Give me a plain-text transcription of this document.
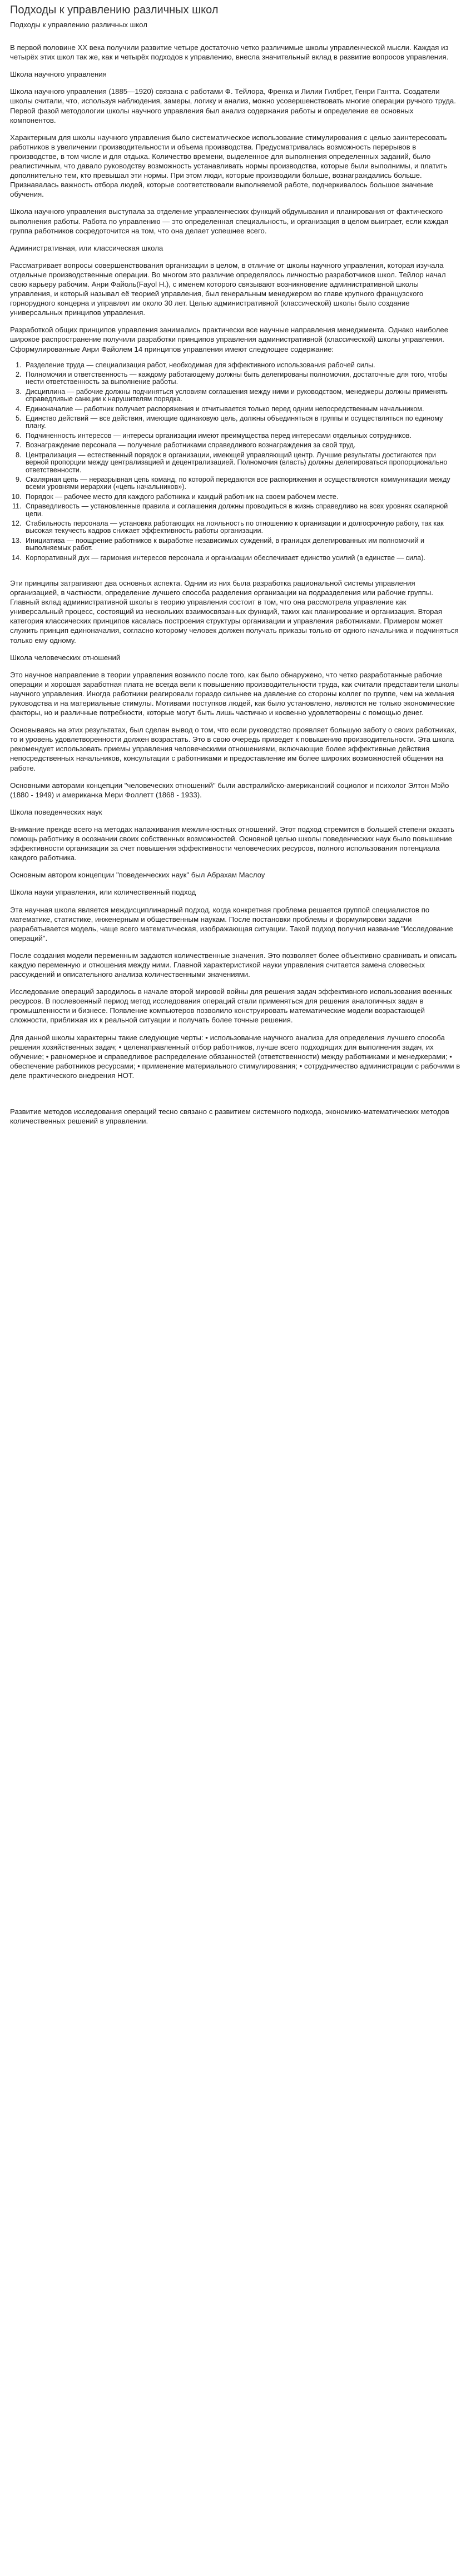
Подходы к управлению различных школ
Подходы к управлению различных школ

В первой половине XX века получили развитие четыре достаточно четко различимые школы управленческой мысли. Каждая из четырёх этих школ так же, как и четырёх подходов к управлению, внесла значительный вклад в развитие вопросов управления.

Школа научного управления

Школа научного управления (1885—1920) связана с работами Ф. Тейлора, Френка и Лилии Гилбрет, Генри Гантта. Создатели школы считали, что, используя наблюдения, замеры, логику и анализ, можно усовершенствовать многие операции ручного труда. Первой фазой методологии школы научного управления был анализ содержания работы и определение ее основных компонентов.

Характерным для школы научного управления было систематическое использование стимулирования с целью заинтересовать работников в увеличении производительности и объема производства. Предусматривалась возможность перерывов в производстве, в том числе и для отдыха. Количество времени, выделенное для выполнения определенных заданий, было реалистичным, что давало руководству возможность устанавливать нормы производства, которые были выполнимы, и платить дополнительно тем, кто превышал эти нормы. При этом люди, которые производили больше, вознаграждались больше. Признавалась важность отбора людей, которые соответствовали выполняемой работе, подчеркивалось большое значение обучения.

Школа научного управления выступала за отделение управленческих функций обдумывания и планирования от фактического выполнения работы. Работа по управлению — это определенная специальность, и организация в целом выиграет, если каждая группа работников сосредоточится на том, что она делает успешнее всего.

Административная, или классическая школа

Рассматривает вопросы совершенствования организации в целом, в отличие от школы научного управления, которая изучала отдельные производственные операции. Во многом это различие определялось личностью разработчиков школ. Тейлор начал свою карьеру рабочим. Анри Файоль(Fayol H.), с именем которого связывают возникновение административной школы управления, и который называл её теорией управления, был генеральным менеджером во главе крупного французского горнорудного концерна и управлял им около 30 лет. Целью административной (классической) школы было создание универсальных принципов управления.

Разработкой общих принципов управления занимались практически все научные направления менеджмента. Однако наиболее широкое распространение получили разработки принципов управления административной (классической) школы управления. Сформулированные Анри Файолем 14 принципов управления имеют следующее содержание:

1. Разделение труда — специализация работ, необходимая для эффективного использования рабочей силы.
2. Полномочия и ответственность — каждому работающему должны быть делегированы полномочия, достаточные для того, чтобы нести ответственность за выполнение работы.
3. Дисциплина — рабочие должны подчиняться условиям соглашения между ними и руководством, менеджеры должны применять справедливые санкции к нарушителям порядка.
4. Единоначалие — работник получает распоряжения и отчитывается только перед одним непосредственным начальником.
5. Единство действий — все действия, имеющие одинаковую цель, должны объединяться в группы и осуществляться по единому плану.
6. Подчиненность интересов — интересы организации имеют преимущества перед интересами отдельных сотрудников.
7. Вознаграждение персонала — получение работниками справедливого вознаграждения за свой труд.
8. Централизация — естественный порядок в организации, имеющей управляющий центр. Лучшие результаты достигаются при верной пропорции между централизацией и децентрализацией. Полномочия (власть) должны делегироваться пропорционально ответственности.
9. Скалярная цепь — неразрывная цепь команд, по которой передаются все распоряжения и осуществляются коммуникации между всеми уровнями иерархии («цепь начальников»).
10. Порядок — рабочее место для каждого работника и каждый работник на своем рабочем месте.
11. Справедливость — установленные правила и соглашения должны проводиться в жизнь справедливо на всех уровнях скалярной цепи.
12. Стабильность персонала — установка работающих на лояльность по отношению к организации и долгосрочную работу, так как высокая текучесть кадров снижает эффективность работы организации.
13. Инициатива — поощрение работников к выработке независимых суждений, в границах делегированных им полномочий и выполняемых работ.
14. Корпоративный дух — гармония интересов персонала и организации обеспечивает единство усилий (в единстве — сила).

Эти принципы затрагивают два основных аспекта. Одним из них была разработка рациональной системы управления организацией, в частности, определение лучшего способа разделения организации на подразделения или рабочие группы. Главный вклад административной школы в теорию управления состоит в том, что она рассмотрела управление как универсальный процесс, состоящий из нескольких взаимосвязанных функций, таких как планирование и организация. Вторая категория классических принципов касалась построения структуры организации и управления работниками. Примером может служить принцип единоначалия, согласно которому человек должен получать приказы только от одного начальника и подчиняться только ему одному.

Школа человеческих отношений

Это научное направление в теории управления возникло после того, как было обнаружено, что четко разработанные рабочие операции и хорошая заработная плата не всегда вели к повышению производительности труда, как считали представители школы научного управления. Иногда работники реагировали гораздо сильнее на давление со стороны коллег по группе, чем на желания руководства и на материальные стимулы. Мотивами поступков людей, как было установлено, являются не только экономические факторы, но и различные потребности, которые могут быть лишь частично и косвенно удовлетворены с помощью денег.

Основываясь на этих результатах, был сделан вывод о том, что если руководство проявляет большую заботу о своих работниках, то и уровень удовлетворенности должен возрастать. Это в свою очередь приведет к повышению производительности. Эта школа рекомендует использовать приемы управления человеческими отношениями, включающие более эффективные действия непосредственных начальников, консультации с работниками и предоставление им более широких возможностей общения на работе.

Основными авторами концепции "человеческих отношений" были австралийско-американский социолог и психолог Элтон Мэйо (1880 - 1949) и американка Мери Фоллетт (1868 - 1933).

Школа поведенческих наук

Внимание прежде всего на методах налаживания межличностных отношений. Этот подход стремится в большей степени оказать помощь работнику в осознании своих собственных возможностей. Основной целью школы поведенческих наук было повышение эффективности организации за счет повышения эффективности человеческих ресурсов, полного использования потенциала каждого работника.

Основным автором концепции "поведенческих наук" был Абрахам Маслоу

Школа науки управления, или количественный подход

Эта научная школа является междисциплинарный подход, когда конкретная проблема решается группой специалистов по математике, статистике, инженерным и общественным наукам. После постановки проблемы и формулировки задачи разрабатывается модель, чаще всего математическая, изображающая ситуации. Такой подход получил название "Исследование операций".

После создания модели переменным задаются количественные значения. Это позволяет более объективно сравнивать и описать каждую переменную и отношения между ними. Главной характеристикой науки управления считается замена словесных рассуждений и описательного анализа количественными значениями.

Исследование операций зародилось в начале второй мировой войны для решения задач эффективного использования военных ресурсов. В послевоенный период метод исследования операций стали применяться для решения аналогичных задач в промышленности и бизнесе. Появление компьютеров позволило конструировать математические модели возрастающей сложности, приближая их к реальной ситуации и получать более точные решения.

Для данной школы характерны такие следующие черты: • использование научного анализа для определения лучшего способа решения хозяйственных задач; • целенаправленный отбор работников, лучше всего подходящих для выполнения задач, их обучение; • равномерное и справедливое распределение обязанностей (ответственности) между работниками и менеджерами; • обеспечение работников ресурсами; • применение материального стимулирования; • сотрудничество администрации с рабочими в деле практического внедрения НОТ.

Развитие методов исследования операций тесно связано с развитием системного подхода, экономико-математических методов количественных решений в управлении.
